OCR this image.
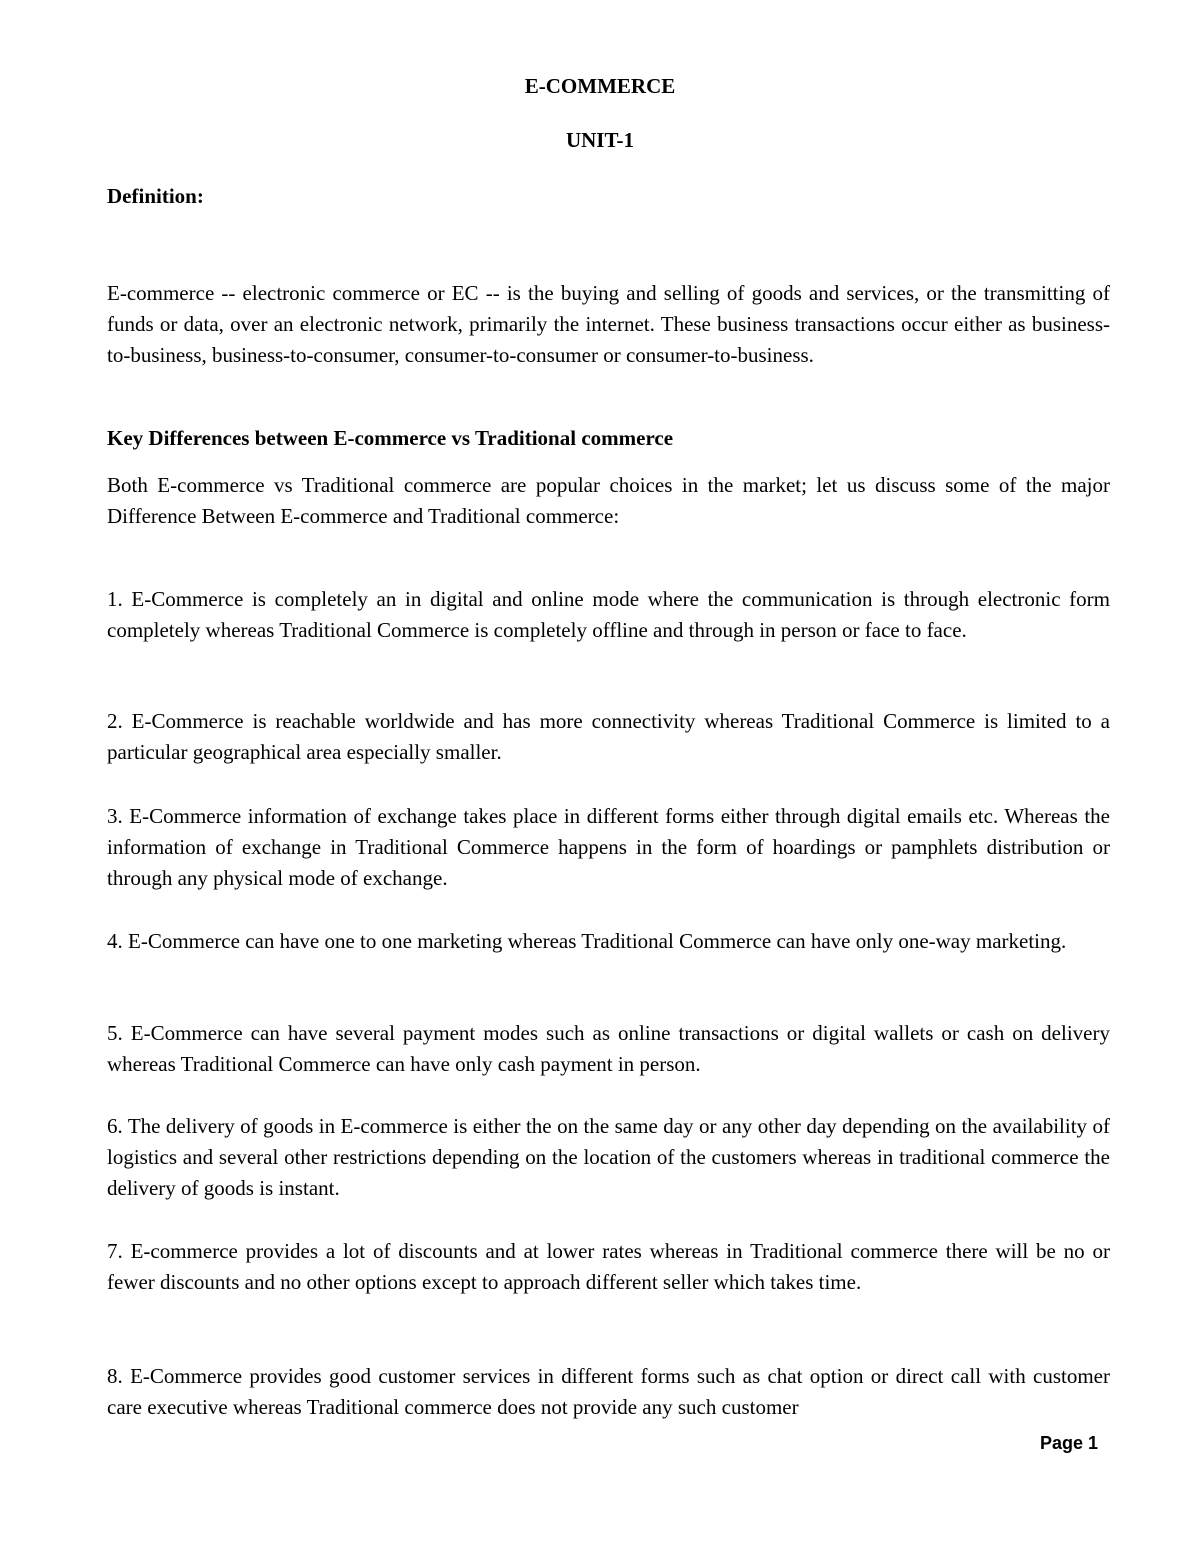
E-COMMERCE
UNIT-1
Definition:

E-commerce -- electronic commerce or EC -- is the buying and selling of goods and services, or the transmitting of funds or data, over an electronic network, primarily the internet. These business transactions occur either as business-to-business, business-to-consumer, consumer-to-consumer or consumer-to-business.

Key Differences between E-commerce vs Traditional commerce

Both E-commerce vs Traditional commerce are popular choices in the market; let us discuss some of the major Difference Between E-commerce and Traditional commerce:

1. E-Commerce is completely an in digital and online mode where the communication is through electronic form completely whereas Traditional Commerce is completely offline and through in person or face to face.

2. E-Commerce is reachable worldwide and has more connectivity whereas Traditional Commerce is limited to a particular geographical area especially smaller.

3. E-Commerce information of exchange takes place in different forms either through digital emails etc. Whereas the information of exchange in Traditional Commerce happens in the form of hoardings or pamphlets distribution or through any physical mode of exchange.

4. E-Commerce can have one to one marketing whereas Traditional Commerce can have only one-way marketing.

5. E-Commerce can have several payment modes such as online transactions or digital wallets or cash on delivery whereas Traditional Commerce can have only cash payment in person.

6. The delivery of goods in E-commerce is either the on the same day or any other day depending on the availability of logistics and several other restrictions depending on the location of the customers whereas in traditional commerce the delivery of goods is instant.

7. E-commerce provides a lot of discounts and at lower rates whereas in Traditional commerce there will be no or fewer discounts and no other options except to approach different seller which takes time.

8. E-Commerce provides good customer services in different forms such as chat option or direct call with customer care executive whereas Traditional commerce does not provide any such customer

Page 1
